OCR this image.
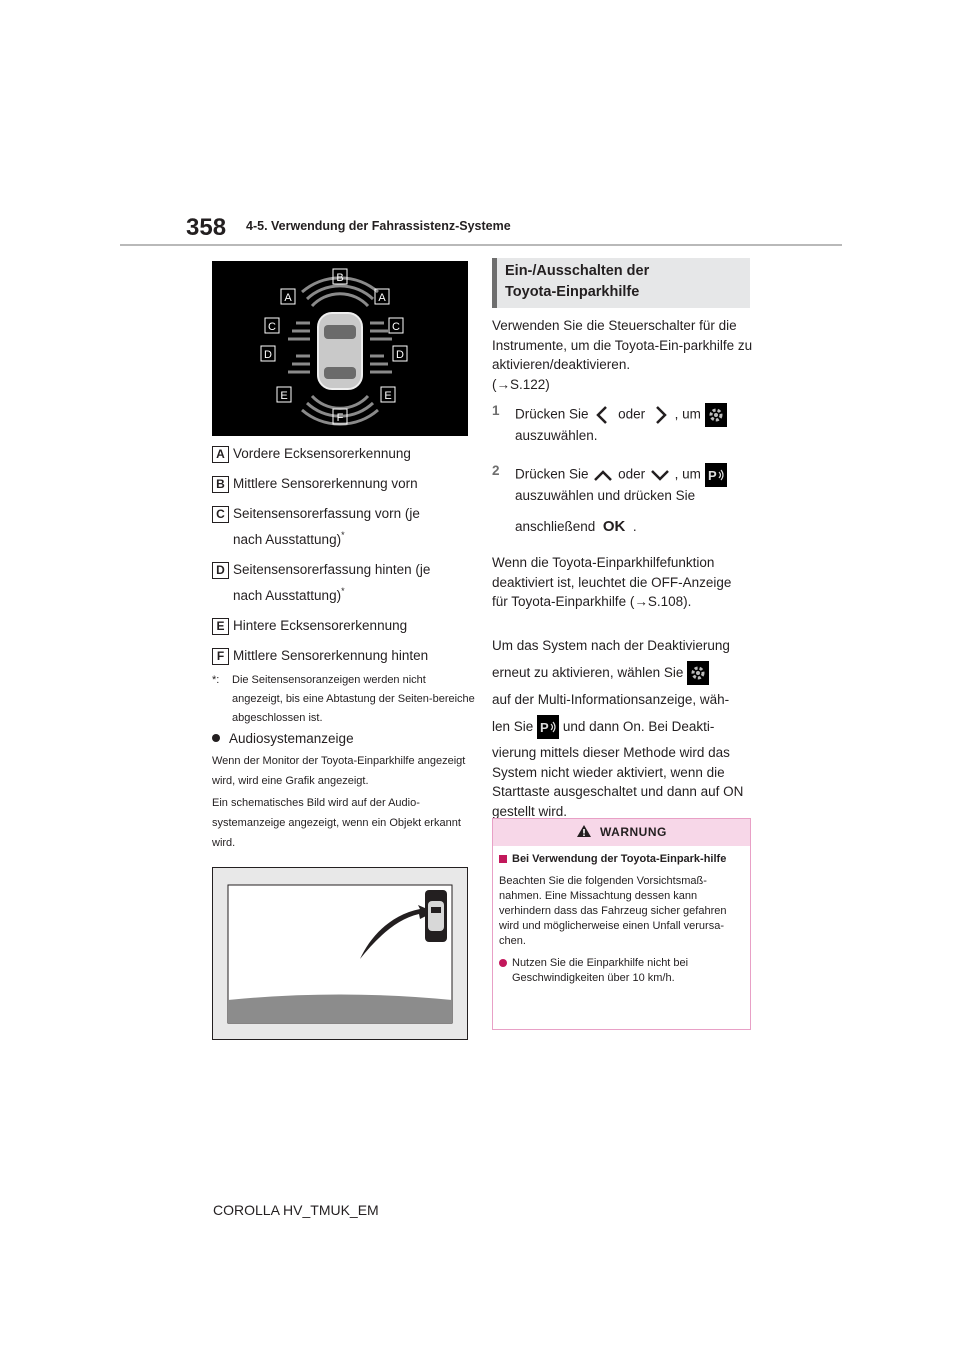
358 4-5. Verwendung der Fahrassistenz-Systeme
B
A	A
C	C
D	D
E	E
F
A Vordere Ecksensorerkennung
B Mittlere Sensorerkennung vorn
C Seitensensorerfassung vorn (je
nach Ausstattung)*
D Seitensensorerfassung hinten (je
nach Ausstattung)*
E Hintere Ecksensorerkennung
F Mittlere Sensorerkennung hinten
*: Die Seitensensoranzeigen werden nicht angezeigt, bis eine Abtastung der Seiten-bereiche abgeschlossen ist.
Audiosystemanzeige
Wenn der Monitor der Toyota-Einparkhilfe angezeigt wird, wird eine Grafik angezeigt.
Ein schematisches Bild wird auf der Audio-systemanzeige angezeigt, wenn ein Objekt erkannt wird.
Ein-/Ausschalten der
Toyota-Einparkhilfe
Verwenden Sie die Steuerschalter für die Instrumente, um die Toyota-Ein-parkhilfe zu aktivieren/deaktivieren.
(→S.122)
1 Drücken Sie oder , um
auszuwählen.
2 Drücken Sie oder , um P
auszuwählen und drücken Sie
anschließend OK .
Wenn die Toyota-Einparkhilfefunktion deaktiviert ist, leuchtet die OFF-Anzeige für Toyota-Einparkhilfe (→S.108).
Um das System nach der Deaktivierung
erneut zu aktivieren, wählen Sie
auf der Multi-Informationsanzeige, wäh-
len Sie P und dann On. Bei Deakti-
vierung mittels dieser Methode wird das System nicht wieder aktiviert, wenn die Starttaste ausgeschaltet und dann auf ON gestellt wird.
WARNUNG
Bei Verwendung der Toyota-Einpark-hilfe
Beachten Sie die folgenden Vorsichtsmaß-nahmen. Eine Missachtung dessen kann verhindern dass das Fahrzeug sicher gefahren wird und möglicherweise einen Unfall verursa-chen.
Nutzen Sie die Einparkhilfe nicht bei Geschwindigkeiten über 10 km/h.
COROLLA HV_TMUK_EM
